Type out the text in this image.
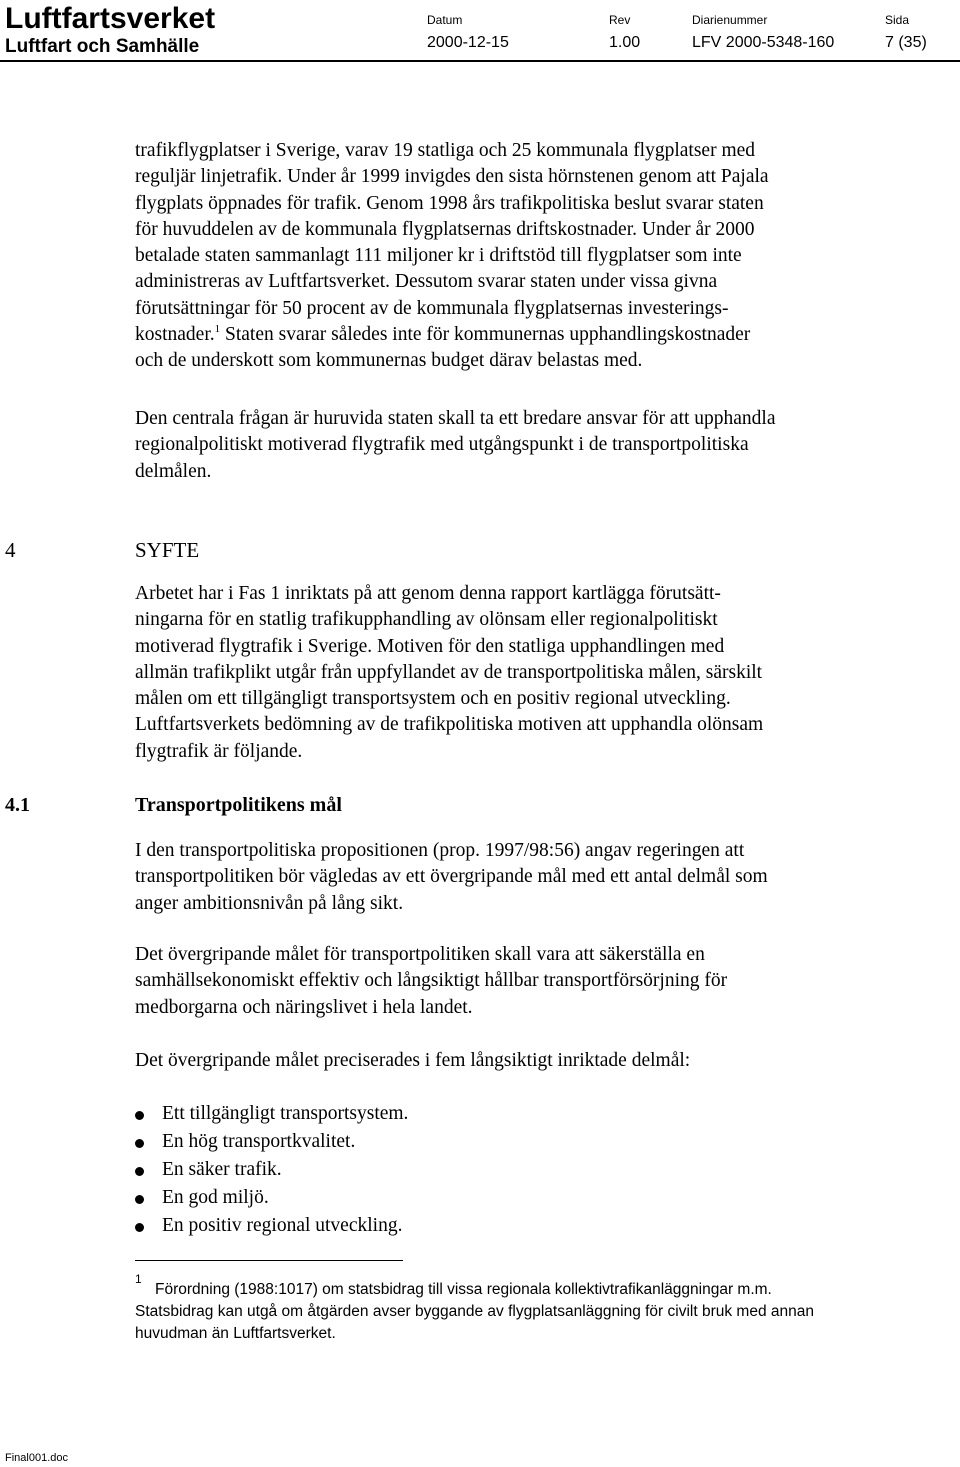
Luftfartsverket
Luftfart och Samhälle
Datum
2000-12-15
Rev
1.00
Diarienummer
LFV 2000-5348-160
Sida
7 (35)
trafikflygplatser i Sverige, varav 19 statliga och 25 kommunala flygplatser med
reguljär linjetrafik. Under år 1999 invigdes den sista hörnstenen genom att Pajala
flygplats öppnades för trafik. Genom 1998 års trafikpolitiska beslut svarar staten
för huvuddelen av de kommunala flygplatsernas driftskostnader. Under år 2000
betalade staten sammanlagt 111 miljoner kr i driftstöd till flygplatser som inte
administreras av Luftfartsverket. Dessutom svarar staten under vissa givna
förutsättningar för 50 procent av de kommunala flygplatsernas investerings-
kostnader.$^1$ Staten svarar således inte för kommunernas upphandlingskostnader
och de underskott som kommunernas budget därav belastas med.
Den centrala frågan är huruvida staten skall ta ett bredare ansvar för att upphandla
regionalpolitiskt motiverad flygtrafik med utgångspunkt i de transportpolitiska
delmålen.
4	SYFTE
Arbetet har i Fas 1 inriktats på att genom denna rapport kartlägga förutsätt-
ningarna för en statlig trafikupphandling av olönsam eller regionalpolitiskt
motiverad flygtrafik i Sverige. Motiven för den statliga upphandlingen med
allmän trafikplikt utgår från uppfyllandet av de transportpolitiska målen, särskilt
målen om ett tillgängligt transportsystem och en positiv regional utveckling.
Luftfartsverkets bedömning av de trafikpolitiska motiven att upphandla olönsam
flygtrafik är följande.
4.1	Transportpolitikens mål
I den transportpolitiska propositionen (prop. 1997/98:56) angav regeringen att
transportpolitiken bör vägledas av ett övergripande mål med ett antal delmål som
anger ambitionsnivån på lång sikt.
Det övergripande målet för transportpolitiken skall vara att säkerställa en
samhällsekonomiskt effektiv och långsiktigt hållbar transportförsörjning för
medborgarna och näringslivet i hela landet.
Det övergripande målet preciserades i fem långsiktigt inriktade delmål:
Ett tillgängligt transportsystem.
En hög transportkvalitet.
En säker trafik.
En god miljö.
En positiv regional utveckling.
1
Förordning (1988:1017) om statsbidrag till vissa regionala kollektivtrafikanläggningar m.m.
Statsbidrag kan utgå om åtgärden avser byggande av flygplatsanläggning för civilt bruk med annan
huvudman än Luftfartsverket.
Final001.doc
